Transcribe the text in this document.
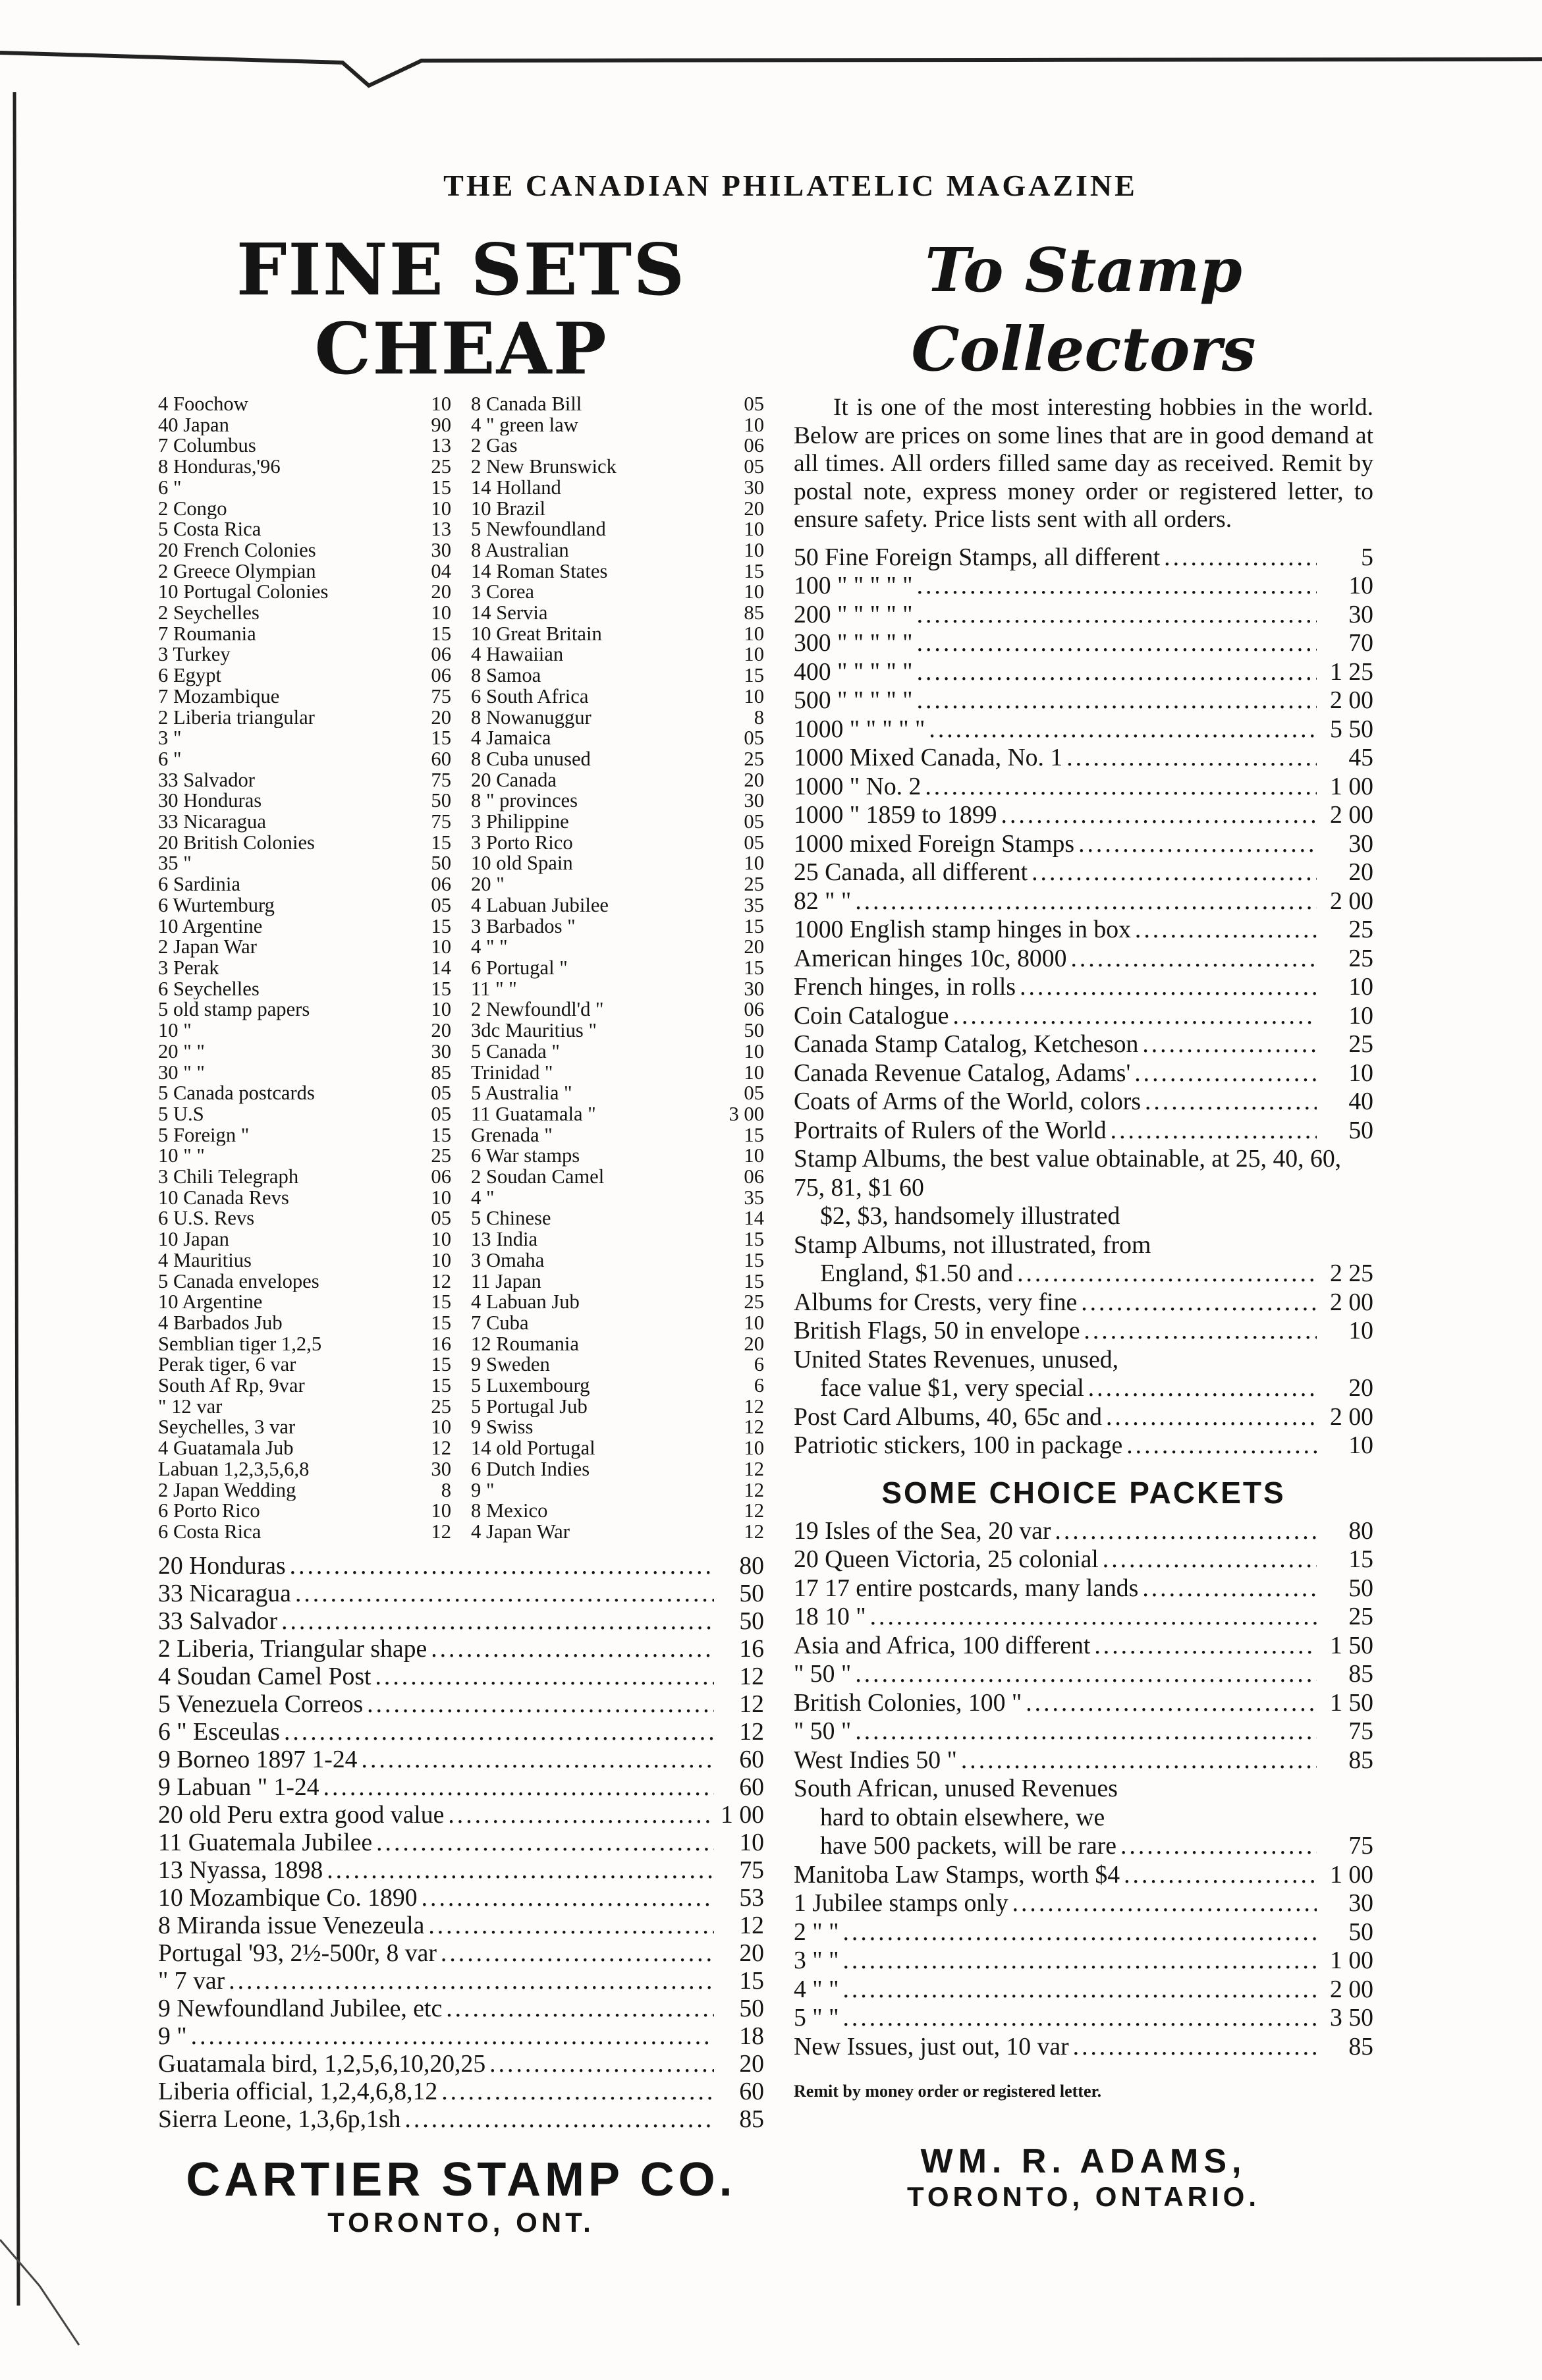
THE CANADIAN PHILATELIC MAGAZINE
FINE SETS CHEAP
4 Foochow	10
40 Japan	90
7 Columbus	13
8 Honduras,'96	25
6 "	15
2 Congo	10
5 Costa Rica	13
20 French Colonies	30
2 Greece Olympian	04
10 Portugal Colonies	20
2 Seychelles	10
7 Roumania	15
3 Turkey	06
6 Egypt	06
7 Mozambique	75
2 Liberia triangular	20
3 "	15
6 "	60
33 Salvador	75
30 Honduras	50
33 Nicaragua	75
20 British Colonies	15
35 "	50
6 Sardinia	06
6 Wurtemburg	05
10 Argentine	15
2 Japan War	10
3 Perak	14
6 Seychelles	15
5 old stamp papers	10
10 "	20
20 " "	30
30 " "	85
5 Canada postcards	05
5 U.S	05
5 Foreign "	15
10 " "	25
3 Chili Telegraph	06
10 Canada Revs	10
6 U.S. Revs	05
10 Japan	10
4 Mauritius	10
5 Canada envelopes	12
10 Argentine	15
4 Barbados Jub	15
Semblian tiger 1,2,5	16
Perak tiger, 6 var	15
South Af Rp, 9var	15
" 12 var	25
Seychelles, 3 var	10
4 Guatamala Jub	12
Labuan 1,2,3,5,6,8	30
2 Japan Wedding	8
6 Porto Rico	10
6 Costa Rica	12
8 Canada Bill	05
4 " green law	10
2 Gas	06
2 New Brunswick	05
14 Holland	30
10 Brazil	20
5 Newfoundland	10
8 Australian	10
14 Roman States	15
3 Corea	10
14 Servia	85
10 Great Britain	10
4 Hawaiian	10
8 Samoa	15
6 South Africa	10
8 Nowanuggur	8
4 Jamaica	05
8 Cuba unused	25
20 Canada	20
8 " provinces	30
3 Philippine	05
3 Porto Rico	05
10 old Spain	10
20 "	25
4 Labuan Jubilee	35
3 Barbados "	15
4 " "	20
6 Portugal "	15
11 " "	30
2 Newfoundl'd "	06
3dc Mauritius "	50
5 Canada "	10
Trinidad "	10
5 Australia "	05
11 Guatamala "	3 00
Grenada "	15
6 War stamps	10
2 Soudan Camel	06
4 "	35
5 Chinese	14
13 India	15
3 Omaha	15
11 Japan	15
4 Labuan Jub	25
7 Cuba	10
12 Roumania	20
9 Sweden	6
5 Luxembourg	6
5 Portugal Jub	12
9 Swiss	12
14 old Portugal	10
6 Dutch Indies	12
9 "	12
8 Mexico	12
4 Japan War	12
20 Honduras .....	80
33 Nicaragua .....	50
33 Salvador .....	50
2 Liberia, Triangular shape .....	16
4 Soudan Camel Post .....	12
5 Venezuela Correos .....	12
6 " Esceulas .....	12
9 Borneo 1897 1-24 .....	60
9 Labuan " 1-24 .....	60
20 old Peru extra good value .....	1 00
11 Guatemala Jubilee .....	10
13 Nyassa, 1898 .....	75
10 Mozambique Co. 1890 .....	53
8 Miranda issue Venezeula .....	12
Portugal '93, 2½-500r, 8 var .....	20
" 7 var .....	15
9 Newfoundland Jubilee, etc .....	50
9 " .....	18
Guatamala bird, 1,2,5,6,10,20,25 .....	20
Liberia official, 1,2,4,6,8,12 .....	60
Sierra Leone, 1,3,6p,1sh .....	85
CARTIER STAMP CO.
TORONTO, ONT.
To Stamp Collectors
It is one of the most interesting hobbies in the world. Below are prices on some lines that are in good demand at all times. All orders filled same day as received. Remit by postal note, express money order or registered letter, to ensure safety. Price lists sent with all orders.
50 Fine Foreign Stamps, all different .....	5
100 " " " " " .....	10
200 " " " " " .....	30
300 " " " " " .....	70
400 " " " " " .....	1 25
500 " " " " " .....	2 00
1000 " " " " " .....	5 50
1000 Mixed Canada, No. 1 .....	45
1000 " No. 2 .....	1 00
1000 " 1859 to 1899 .....	2 00
1000 mixed Foreign Stamps .....	30
25 Canada, all different .....	20
82 " " .....	2 00
1000 English stamp hinges in box .....	25
American hinges 10c, 8000 .....	25
French hinges, in rolls .....	10
Coin Catalogue .....	10
Canada Stamp Catalog, Ketcheson .....	25
Canada Revenue Catalog, Adams' .....	10
Coats of Arms of the World, colors .....	40
Portraits of Rulers of the World .....	50
Stamp Albums, the best value obtainable, at 25, 40, 60, 75, 81, $1 60
$2, $3, handsomely illustrated
Stamp Albums, not illustrated, from
England, $1.50 and .....	2 25
Albums for Crests, very fine .....	2 00
British Flags, 50 in envelope .....	10
United States Revenues, unused,
face value $1, very special .....	20
Post Card Albums, 40, 65c and .....	2 00
Patriotic stickers, 100 in package .....	10
SOME CHOICE PACKETS
19 Isles of the Sea, 20 var .....	80
20 Queen Victoria, 25 colonial .....	15
17 17 entire postcards, many lands .....	50
18 10 " .....	25
Asia and Africa, 100 different .....	1 50
" 50 " .....	85
British Colonies, 100 " .....	1 50
" 50 " .....	75
West Indies 50 " .....	85
South African, unused Revenues
hard to obtain elsewhere, we
have 500 packets, will be rare .....	75
Manitoba Law Stamps, worth $4 .....	1 00
1 Jubilee stamps only .....	30
2 " " .....	50
3 " " .....	1 00
4 " " .....	2 00
5 " " .....	3 50
New Issues, just out, 10 var .....	85
Remit by money order or registered letter.
WM. R. ADAMS,
TORONTO, ONTARIO.
